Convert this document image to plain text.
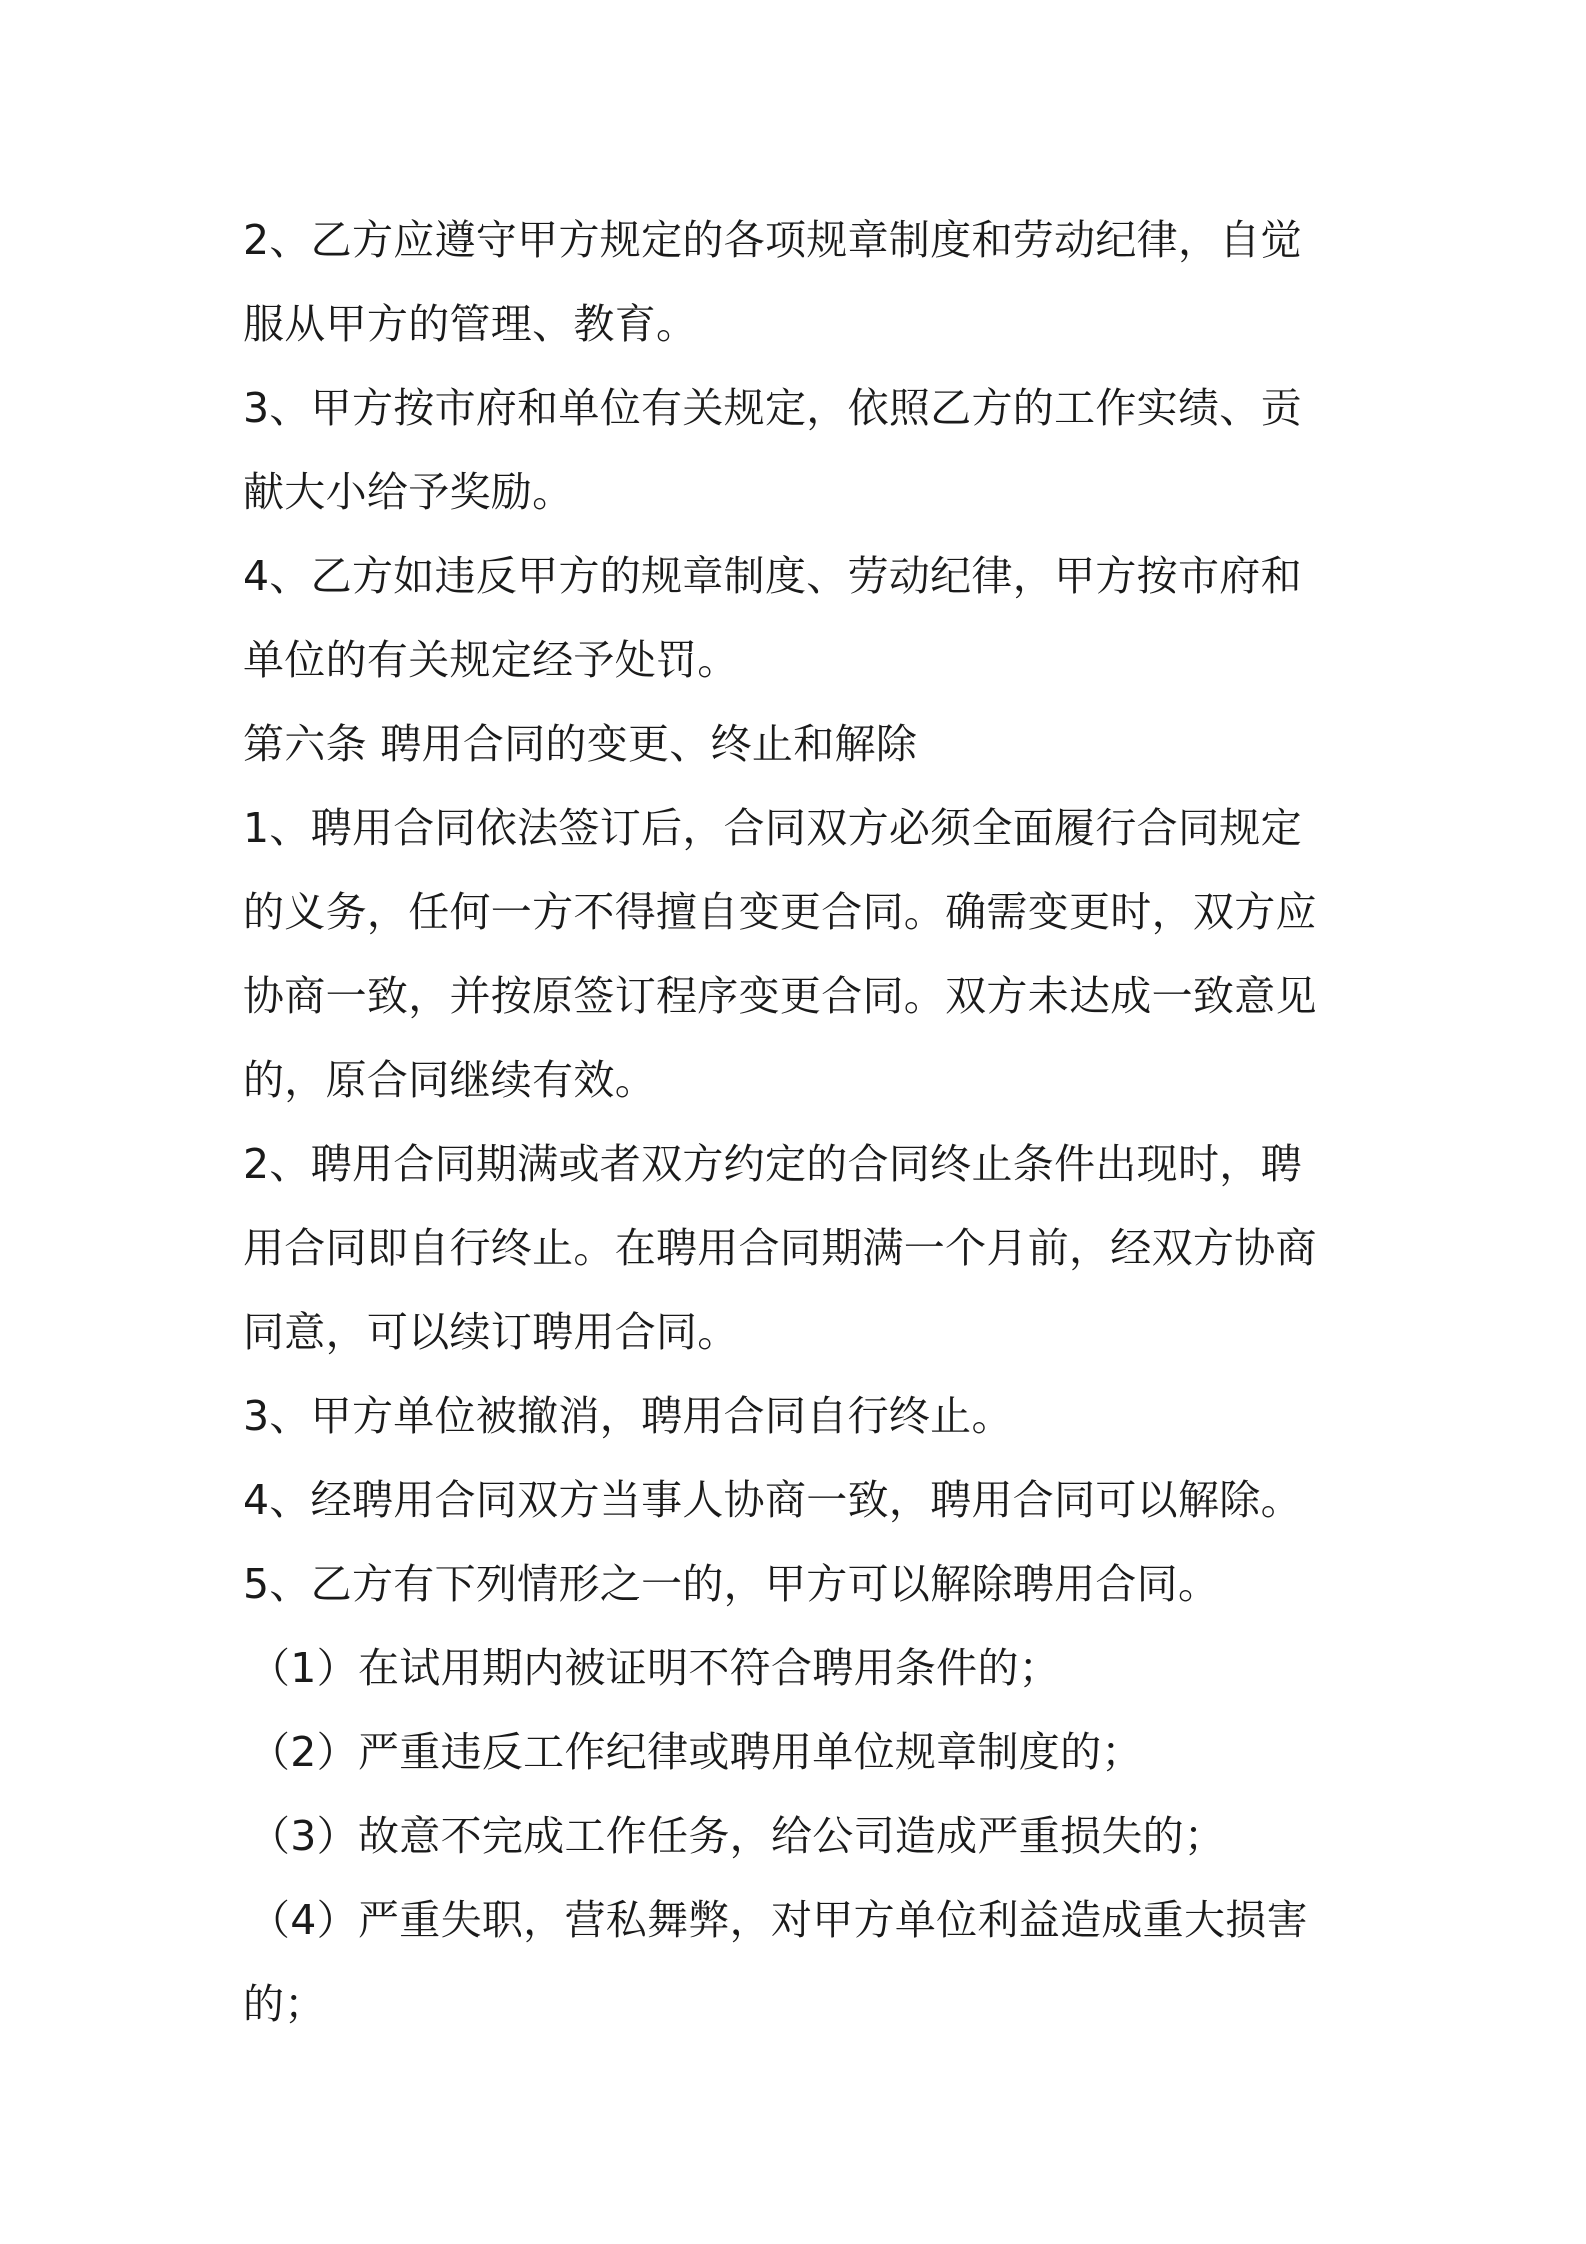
2、乙方应遵守甲方规定的各项规章制度和劳动纪律，自觉
服从甲方的管理、教育。
3、甲方按市府和单位有关规定，依照乙方的工作实绩、贡
献大小给予奖励。
4、乙方如违反甲方的规章制度、劳动纪律，甲方按市府和
单位的有关规定经予处罚。
第六条 聘用合同的变更、终止和解除
1、聘用合同依法签订后，合同双方必须全面履行合同规定
的义务，任何一方不得擅自变更合同。确需变更时，双方应
协商一致，并按原签订程序变更合同。双方未达成一致意见
的，原合同继续有效。
2、聘用合同期满或者双方约定的合同终止条件出现时，聘
用合同即自行终止。在聘用合同期满一个月前，经双方协商
同意，可以续订聘用合同。
3、甲方单位被撤消，聘用合同自行终止。
4、经聘用合同双方当事人协商一致，聘用合同可以解除。
5、乙方有下列情形之一的，甲方可以解除聘用合同。
（1）在试用期内被证明不符合聘用条件的；
（2）严重违反工作纪律或聘用单位规章制度的；
（3）故意不完成工作任务，给公司造成严重损失的；
（4）严重失职，营私舞弊，对甲方单位利益造成重大损害
的；
